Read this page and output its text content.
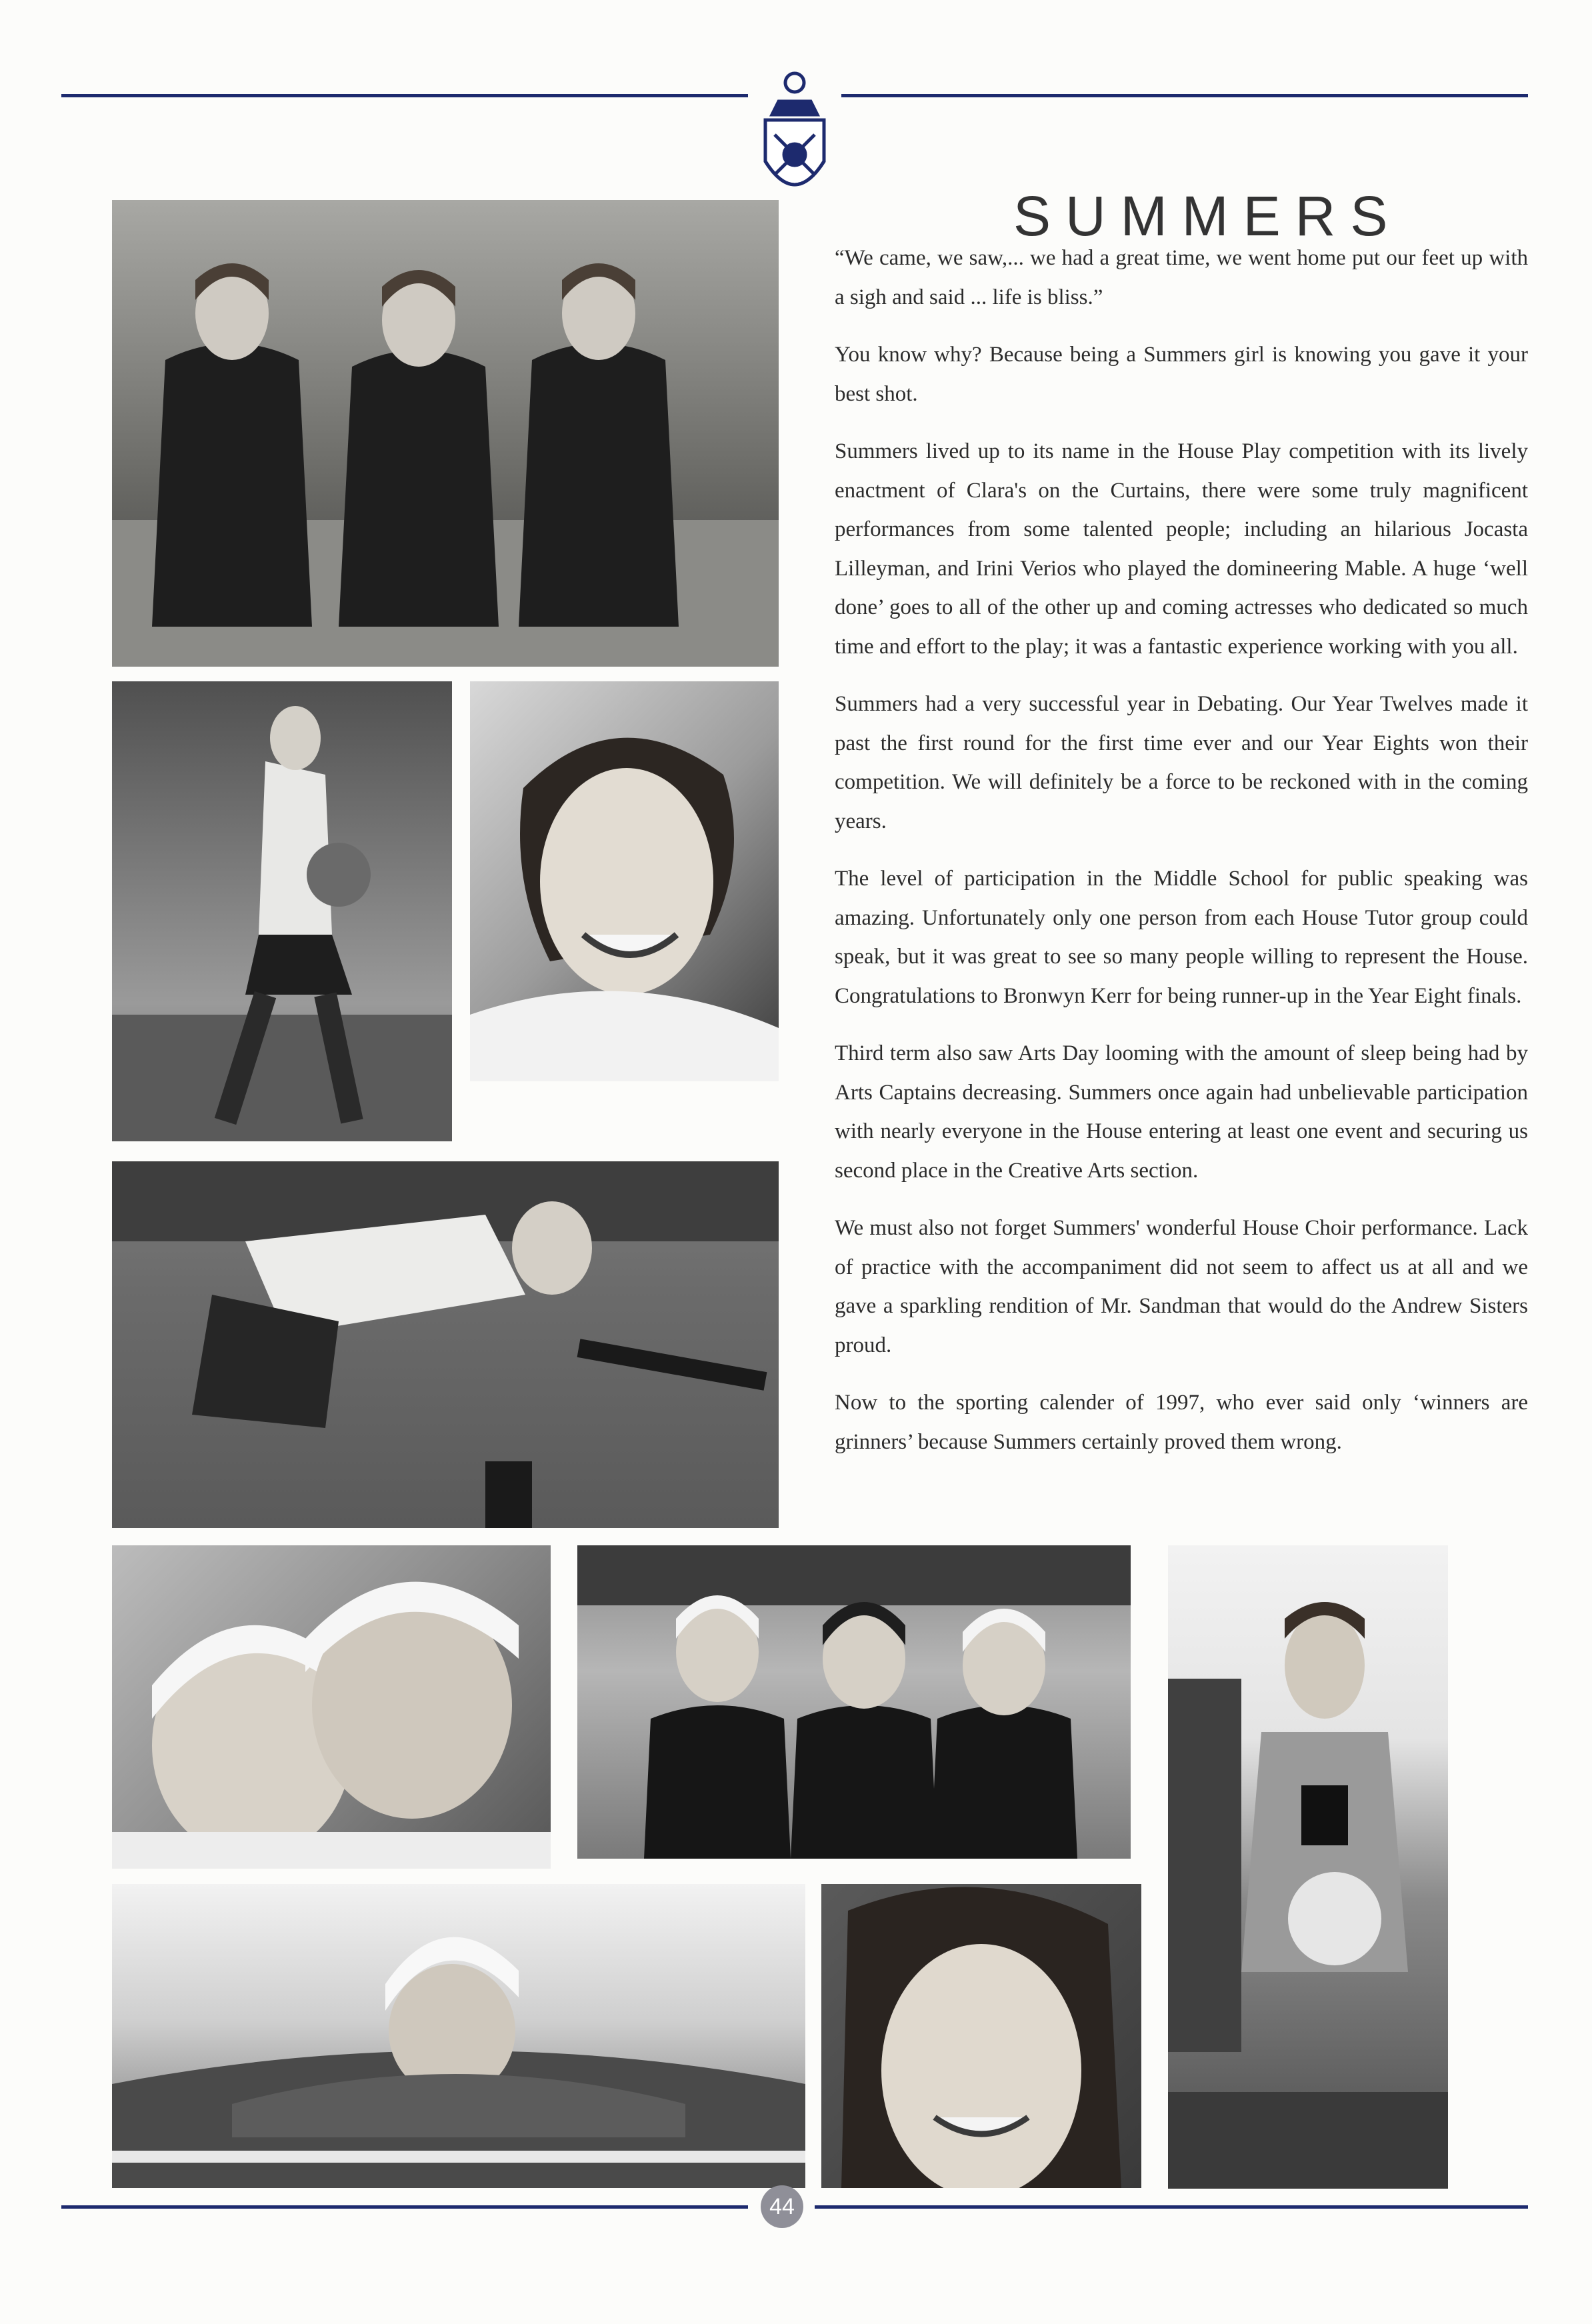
SUMMERS

“We came, we saw,... we had a great time, we went home put our feet up with a sigh and said ... life is bliss.”

You know why? Because being a Summers girl is knowing you gave it your best shot.

Summers lived up to its name in the House Play competition with its lively enactment of Clara's on the Curtains, there were some truly magnificent performances from some talented people; including an hilarious Jocasta Lilleyman, and Irini Verios who played the domineering Mable. A huge ‘well done’ goes to all of the other up and coming actresses who dedicated so much time and effort to the play; it was a fantastic experience working with you all.

Summers had a very successful year in Debating. Our Year Twelves made it past the first round for the first time ever and our Year Eights won their competition. We will definitely be a force to be reckoned with in the coming years.

The level of participation in the Middle School for public speaking was amazing. Unfortunately only one person from each House Tutor group could speak, but it was great to see so many people willing to represent the House. Congratulations to Bronwyn Kerr for being runner-up in the Year Eight finals.

Third term also saw Arts Day looming with the amount of sleep being had by Arts Captains decreasing. Summers once again had unbelievable participation with nearly everyone in the House entering at least one event and securing us second place in the Creative Arts section.

We must also not forget Summers' wonderful House Choir performance. Lack of practice with the accompaniment did not seem to affect us at all and we gave a sparkling rendition of Mr. Sandman that would do the Andrew Sisters proud.

Now to the sporting calender of 1997, who ever said only ‘winners are grinners’ because Summers certainly proved them wrong.

44
